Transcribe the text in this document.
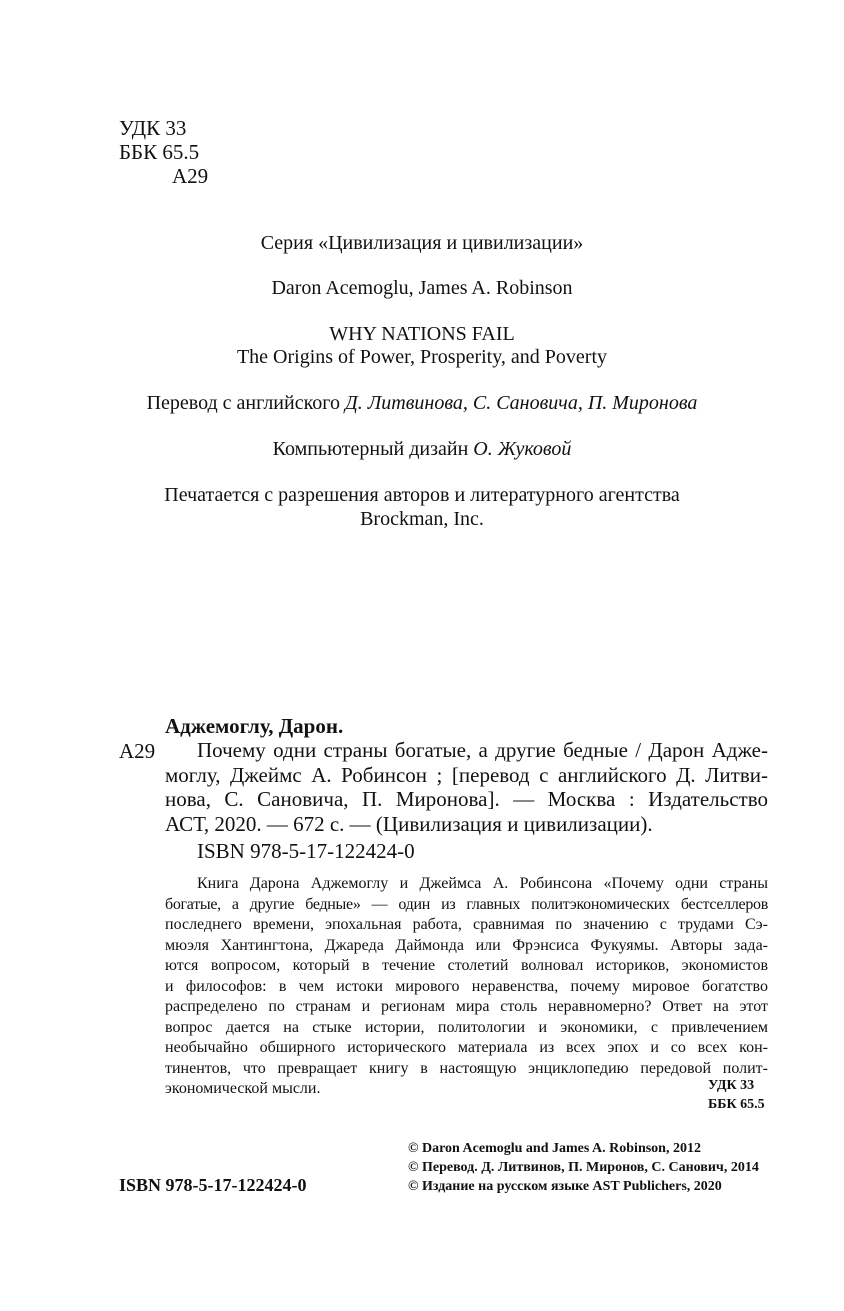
УДК 33
ББК 65.5
А29
Серия «Цивилизация и цивилизации»
Daron Acemoglu, James A. Robinson
WHY NATIONS FAIL
The Origins of Power, Prosperity, and Poverty
Перевод с английского Д. Литвинова, С. Сановича, П. Миронова
Компьютерный дизайн О. Жуковой
Печатается с разрешения авторов и литературного агентства
Brockman, Inc.
Аджемоглу, Дарон.
А29	Почему одни страны богатые, а другие бедные / Дарон Адже-
моглу, Джеймс А. Робинсон ; [перевод с английского Д. Литви-
нова, С. Сановича, П. Миронова]. — Москва : Издательство
АСТ, 2020. — 672 с. — (Цивилизация и цивилизации).
ISBN 978-5-17-122424-0
Книга Дарона Аджемоглу и Джеймса А. Робинсона «Почему одни страны
богатые, а другие бедные» — один из главных политэкономических бестселлеров
последнего времени, эпохальная работа, сравнимая по значению с трудами Сэ-
мюэля Хантингтона, Джареда Даймонда или Фрэнсиса Фукуямы. Авторы зада-
ются вопросом, который в течение столетий волновал историков, экономистов
и философов: в чем истоки мирового неравенства, почему мировое богатство
распределено по странам и регионам мира столь неравномерно? Ответ на этот
вопрос дается на стыке истории, политологии и экономики, с привлечением
необычайно обширного исторического материала из всех эпох и со всех кон-
тинентов, что превращает книгу в настоящую энциклопедию передовой полит-
экономической мысли.	УДК 33
ББК 65.5
ISBN 978-5-17-122424-0
© Daron Acemoglu and James A. Robinson, 2012
© Перевод. Д. Литвинов, П. Миронов, С. Санович, 2014
© Издание на русском языке AST Publichers, 2020
